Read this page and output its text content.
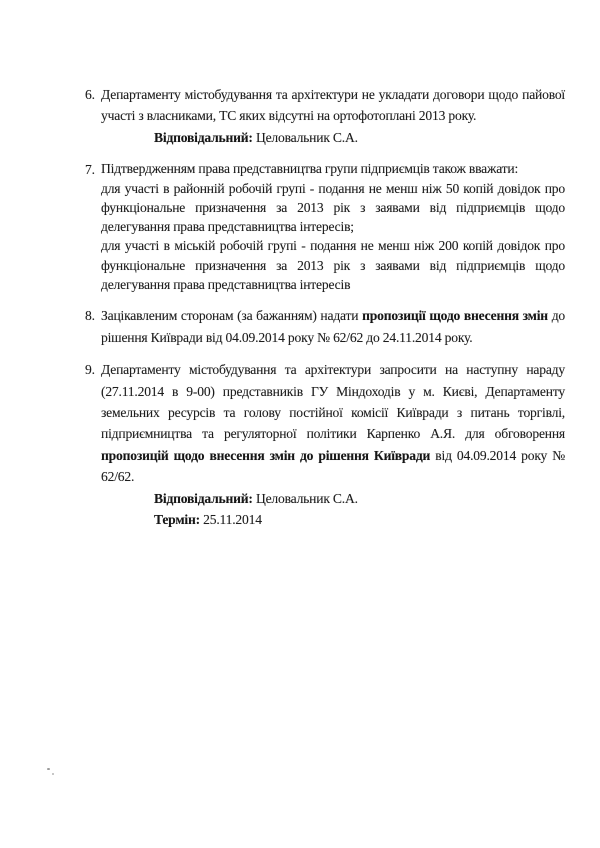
6. Департаменту містобудування та архітектури не укладати договори щодо пайової участі з власниками, ТС яких відсутні на ортофотоплані 2013 року.

Відповідальний: Целовальник С.А.

7. Підтвердженням права представництва групи підприємців також вважати:

для участі в районній робочій групі - подання не менш ніж 50 копій довідок про функціональне призначення за 2013 рік з заявами від підприємців щодо делегування права представництва інтересів;

для участі в міській робочій групі - подання не менш ніж 200 копій довідок про функціональне призначення за 2013 рік з заявами від підприємців щодо делегування права представництва інтересів

8. Зацікавленим сторонам (за бажанням) надати пропозиції щодо внесення змін до рішення Київради від 04.09.2014 року № 62/62 до 24.11.2014 року.

9. Департаменту містобудування та архітектури запросити на наступну нараду (27.11.2014 в 9-00) представників ГУ Міндоходів у м. Києві, Департаменту земельних ресурсів та голову постійної комісії Київради з питань торгівлі, підприємництва та регуляторної політики Карпенко А.Я. для обговорення пропозицій щодо внесення змін до рішення Київради від 04.09.2014 року № 62/62.

Відповідальний: Целовальник С.А.

Термін: 25.11.2014
